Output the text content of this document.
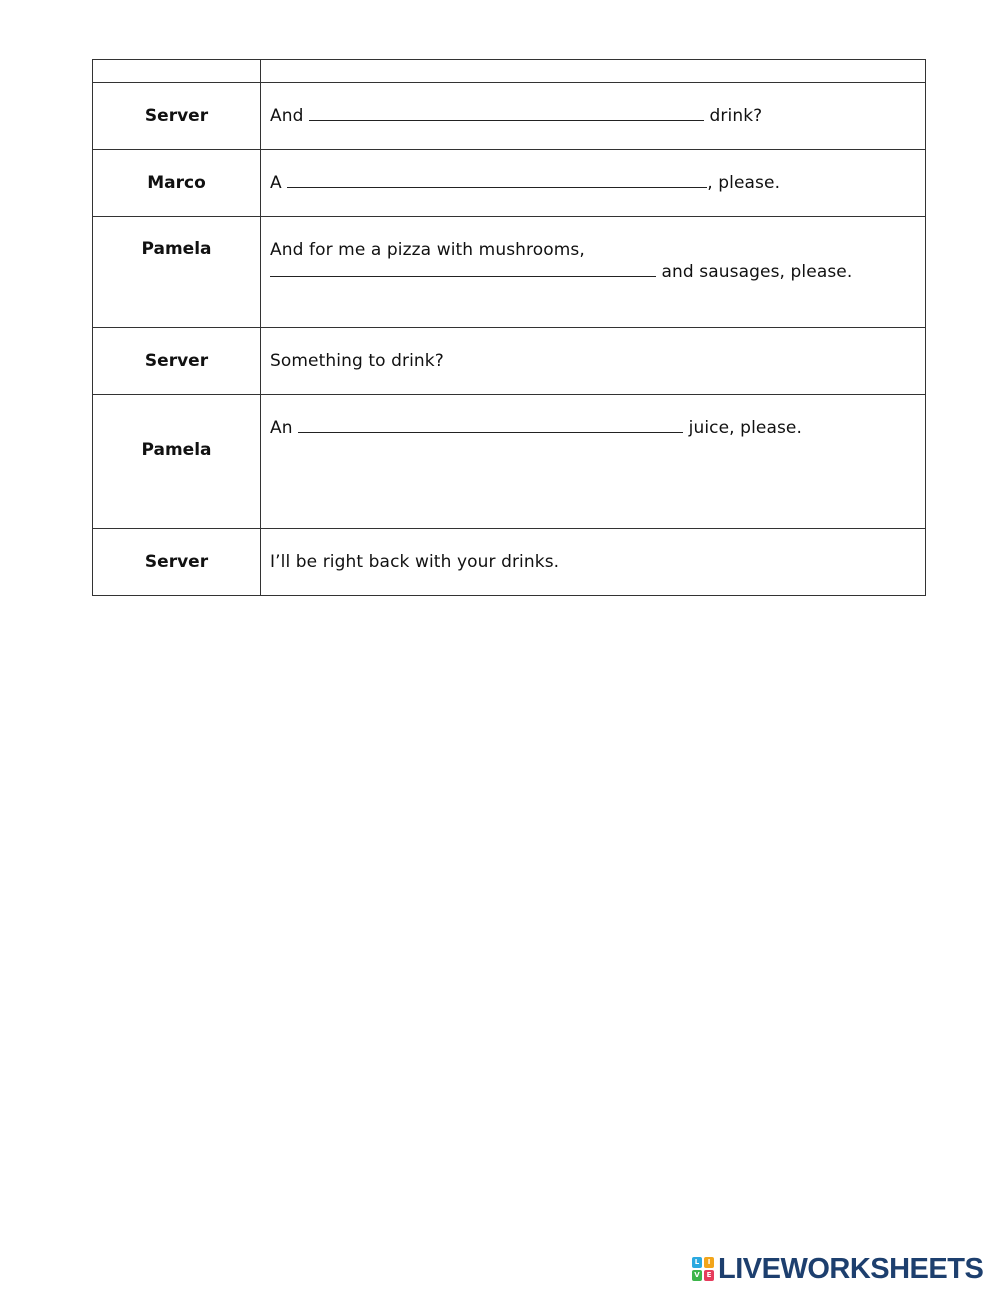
Server	And drink?
Marco	A , please.
Pamela	And for me a pizza with mushrooms,
and sausages, please.

Server	Something to drink?
Pamela	An juice, please.
Server	I’ll be right back with your drinks.
L	I
V E LIVEWORKSHEETS
